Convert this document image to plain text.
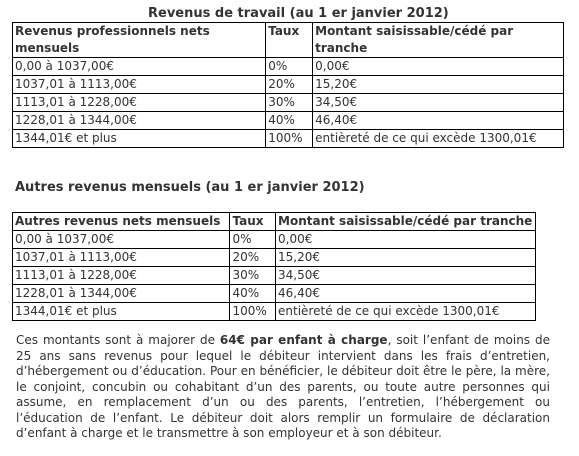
Revenus de travail (au 1 er janvier 2012)
Revenus professionnels nets mensuels	Taux	Montant saisissable/cédé par tranche
0,00 à 1037,00€	0%	0,00€
1037,01 à 1113,00€	20%	15,20€
1113,01 à 1228,00€	30%	34,50€
1228,01 à 1344,00€	40%	46,40€
1344,01€ et plus	100%	entièreté de ce qui excède 1300,01€
Autres revenus mensuels (au 1 er janvier 2012)
Autres revenus nets mensuels	Taux	Montant saisissable/cédé par tranche
0,00 à 1037,00€	0%	0,00€
1037,01 à 1113,00€	20%	15,20€
1113,01 à 1228,00€	30%	34,50€
1228,01 à 1344,00€	40%	46,40€
1344,01€ et plus	100%	entièreté de ce qui excède 1300,01€
Ces montants sont à majorer de 64€ par enfant à charge, soit l’enfant de moins de 25 ans sans revenus pour lequel le débiteur intervient dans les frais d’entretien, d’hébergement ou d’éducation. Pour en bénéficier, le débiteur doit être le père, la mère, le conjoint, concubin ou cohabitant d’un des parents, ou toute autre personnes qui assume, en remplacement d’un ou des parents, l’entretien, l’hébergement ou l’éducation de l’enfant. Le débiteur doit alors remplir un formulaire de déclaration d’enfant à charge et le transmettre à son employeur et à son débiteur.
